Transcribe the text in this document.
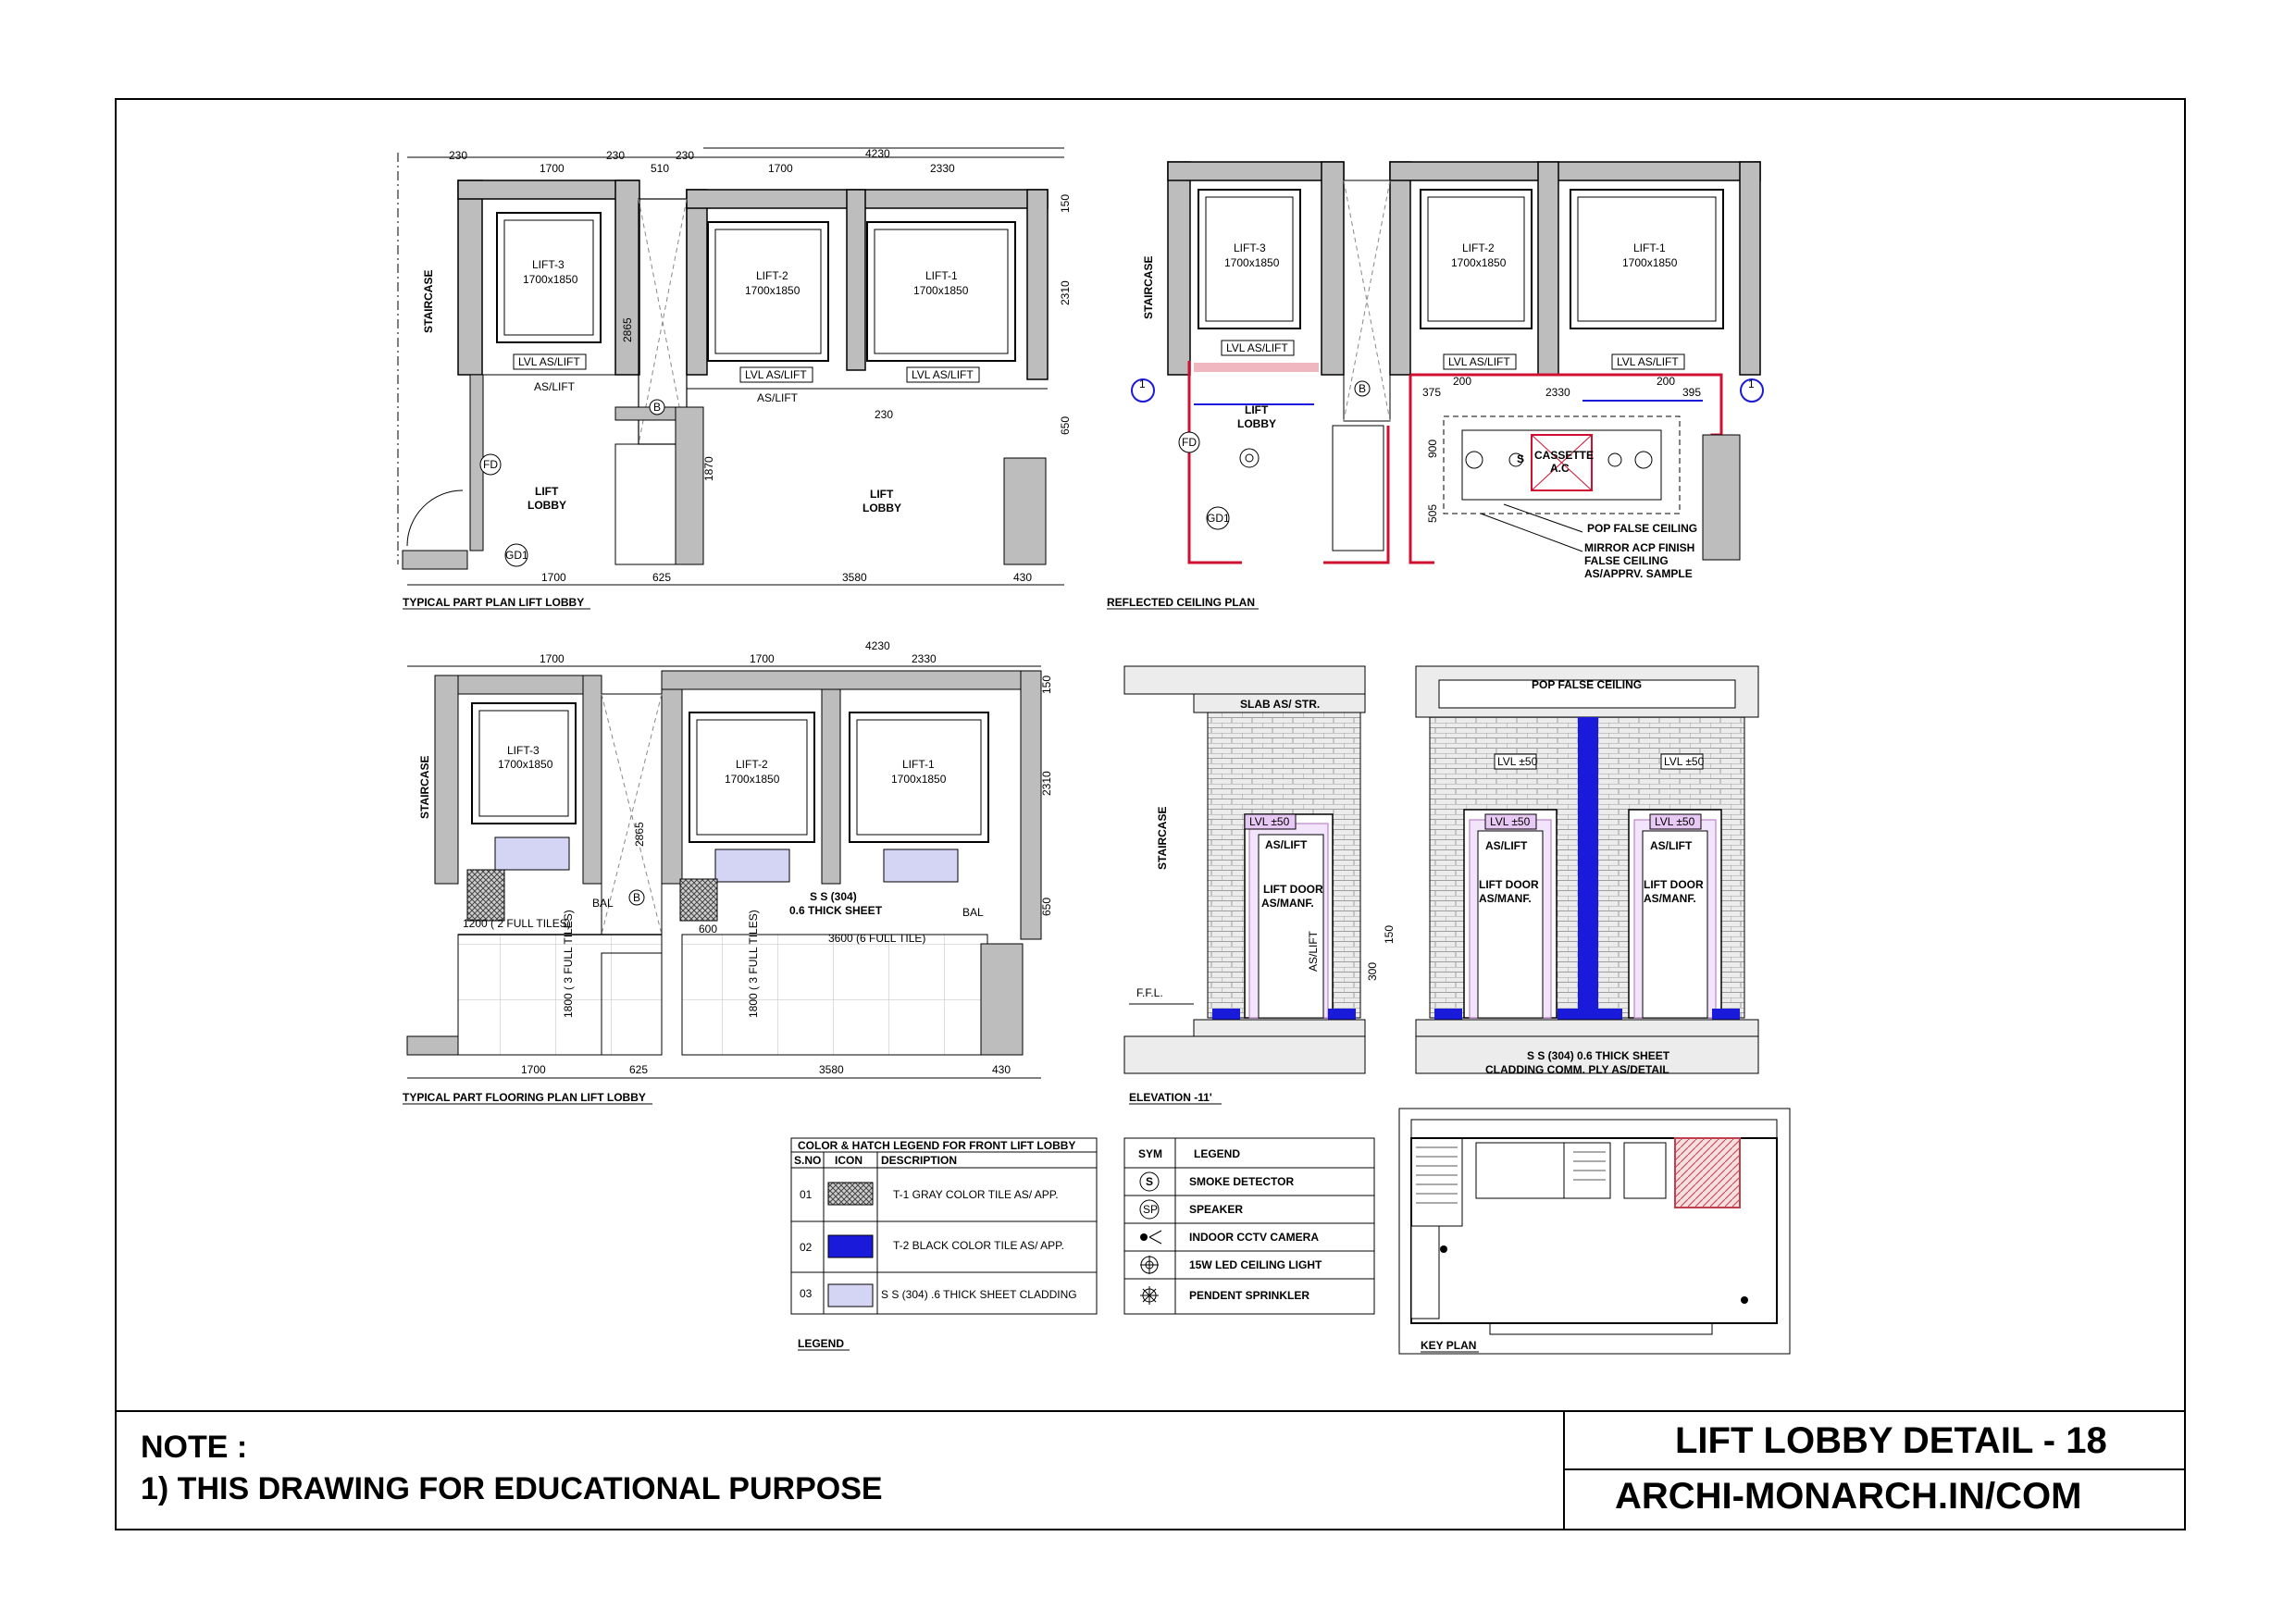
230
1700
230
510
230
1700
4230
2330
LIFT-3
1700x1850	LIFT-2
1700x1850
LIFT-1
1700x1850
LVL AS/LIFT
LVL AS/LIFT	LVL AS/LIFT
AS/LIFT
AS/LIFT
STAIRCASE
LIFT
LOBBY
LIFT
LOBBY
FD
GD1
B
1700	625	3580	430
150
2310
650
2865
1870
230
TYPICAL PART PLAN LIFT LOBBY
LIFT-3
1700x1850
LIFT-2
1700x1850
LIFT-1
1700x1850
LVL AS/LIFT
LVL AS/LIFT	LVL AS/LIFT
STAIRCASE
LIFT
LOBBY
FD
GD1
B
CASSETTE
A.C
S
1	1
375
200
2330
200
395
900
505
POP FALSE CEILING
MIRROR ACP FINISH
FALSE CEILING
AS/APPRV. SAMPLE
REFLECTED CEILING PLAN
1700	1700
4230
2330
LIFT-3
1700x1850	LIFT-2
1700x1850
LIFT-1
1700x1850
STAIRCASE
1200 ( 2 FULL TILES)
3600 (6 FULL TILE)
1800 ( 3 FULL TILES)	1800 ( 3 FULL TILES)
600
S S (304)
0.6 THICK SHEET
BAL
BAL
B
1700	625	3580	430
150
2310
650
2865
TYPICAL PART FLOORING PLAN LIFT LOBBY
LVL ±50
AS/LIFT
LIFT DOOR
AS/MANF.
SLAB AS/ STR.
STAIRCASE
F.F.L.
150
300
AS/LIFT
POP FALSE CEILING
LVL ±50
AS/LIFT
LIFT DOOR
AS/MANF.
LVL ±50
AS/LIFT
LIFT DOOR
AS/MANF.
LVL ±50	LVL ±50
S S (304) 0.6 THICK SHEET
CLADDING COMM. PLY AS/DETAIL
ELEVATION -11'
COLOR & HATCH LEGEND FOR FRONT LIFT LOBBY
S.NO ICON DESCRIPTION
01	T-1 GRAY COLOR TILE AS/ APP.
02	T-2 BLACK COLOR TILE AS/ APP.
03	S S (304) .6 THICK SHEET CLADDING
LEGEND
SYM	LEGEND
S	SMOKE DETECTOR
SP	SPEAKER
INDOOR CCTV CAMERA
15W LED CEILING LIGHT
PENDENT SPRINKLER
KEY PLAN
NOTE :
1) THIS DRAWING FOR EDUCATIONAL PURPOSE
LIFT LOBBY DETAIL - 18
ARCHI-MONARCH.IN/COM
